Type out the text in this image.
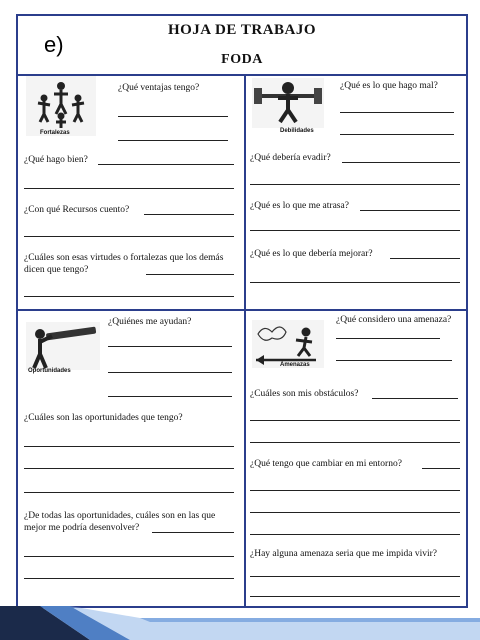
e)
HOJA DE TRABAJO
FODA
Fortalezas
¿Qué ventajas tengo?
¿Qué hago bien?
¿Con qué Recursos cuento?
¿Cuáles son esas virtudes o fortalezas que los demás dicen que tengo?
Debilidades
¿Qué es lo que hago mal?
¿Qué debería evadir?
¿Qué es lo que me atrasa?
¿Qué es lo que debería mejorar?
Oportunidades
¿Quiénes me ayudan?
¿Cuáles son las oportunidades que tengo?
¿De todas las oportunidades, cuáles son en las que mejor me podría desenvolver?
Amenazas
¿Qué considero una amenaza?
¿Cuáles son mis obstáculos?
¿Qué tengo que cambiar en mi entorno?
¿Hay alguna amenaza seria que me impida vivir?
